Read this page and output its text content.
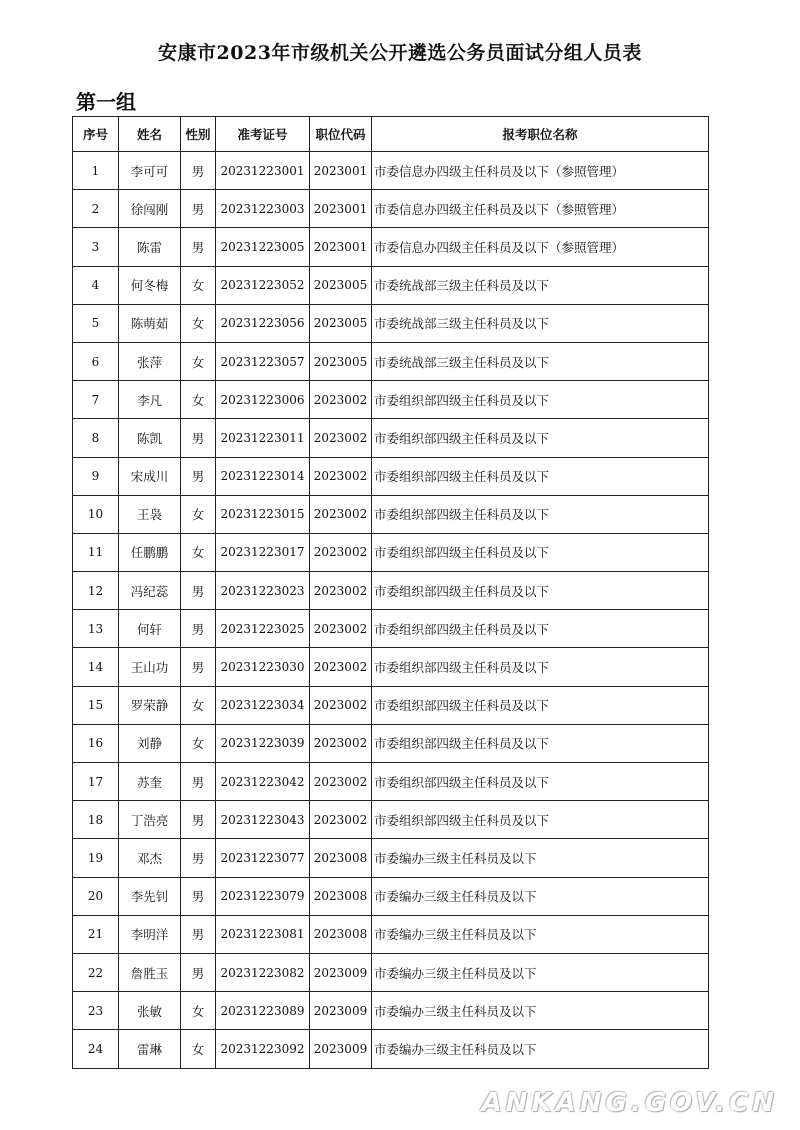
安康市2023年市级机关公开遴选公务员面试分组人员表
第一组
序号	姓名	性别	准考证号	职位代码	报考职位名称
1	李可可	男	20231223001	2023001	市委信息办四级主任科员及以下（参照管理）
2	徐闯刚	男	20231223003	2023001	市委信息办四级主任科员及以下（参照管理）
3	陈雷	男	20231223005	2023001	市委信息办四级主任科员及以下（参照管理）
4	何冬梅	女	20231223052	2023005	市委统战部三级主任科员及以下
5	陈萌茹	女	20231223056	2023005	市委统战部三级主任科员及以下
6	张萍	女	20231223057	2023005	市委统战部三级主任科员及以下
7	李凡	女	20231223006	2023002	市委组织部四级主任科员及以下
8	陈凯	男	20231223011	2023002	市委组织部四级主任科员及以下
9	宋成川	男	20231223014	2023002	市委组织部四级主任科员及以下
10	王袅	女	20231223015	2023002	市委组织部四级主任科员及以下
11	任鹏鹏	女	20231223017	2023002	市委组织部四级主任科员及以下
12	冯纪蕊	男	20231223023	2023002	市委组织部四级主任科员及以下
13	何轩	男	20231223025	2023002	市委组织部四级主任科员及以下
14	王山功	男	20231223030	2023002	市委组织部四级主任科员及以下
15	罗荣静	女	20231223034	2023002	市委组织部四级主任科员及以下
16	刘静	女	20231223039	2023002	市委组织部四级主任科员及以下
17	苏奎	男	20231223042	2023002	市委组织部四级主任科员及以下
18	丁浩亮	男	20231223043	2023002	市委组织部四级主任科员及以下
19	邓杰	男	20231223077	2023008	市委编办三级主任科员及以下
20	李先钊	男	20231223079	2023008	市委编办三级主任科员及以下
21	李明洋	男	20231223081	2023008	市委编办三级主任科员及以下
22	詹胜玉	男	20231223082	2023009	市委编办三级主任科员及以下
23	张敏	女	20231223089	2023009	市委编办三级主任科员及以下
24	雷琳	女	20231223092	2023009	市委编办三级主任科员及以下
ANKANG.GOV.CN
